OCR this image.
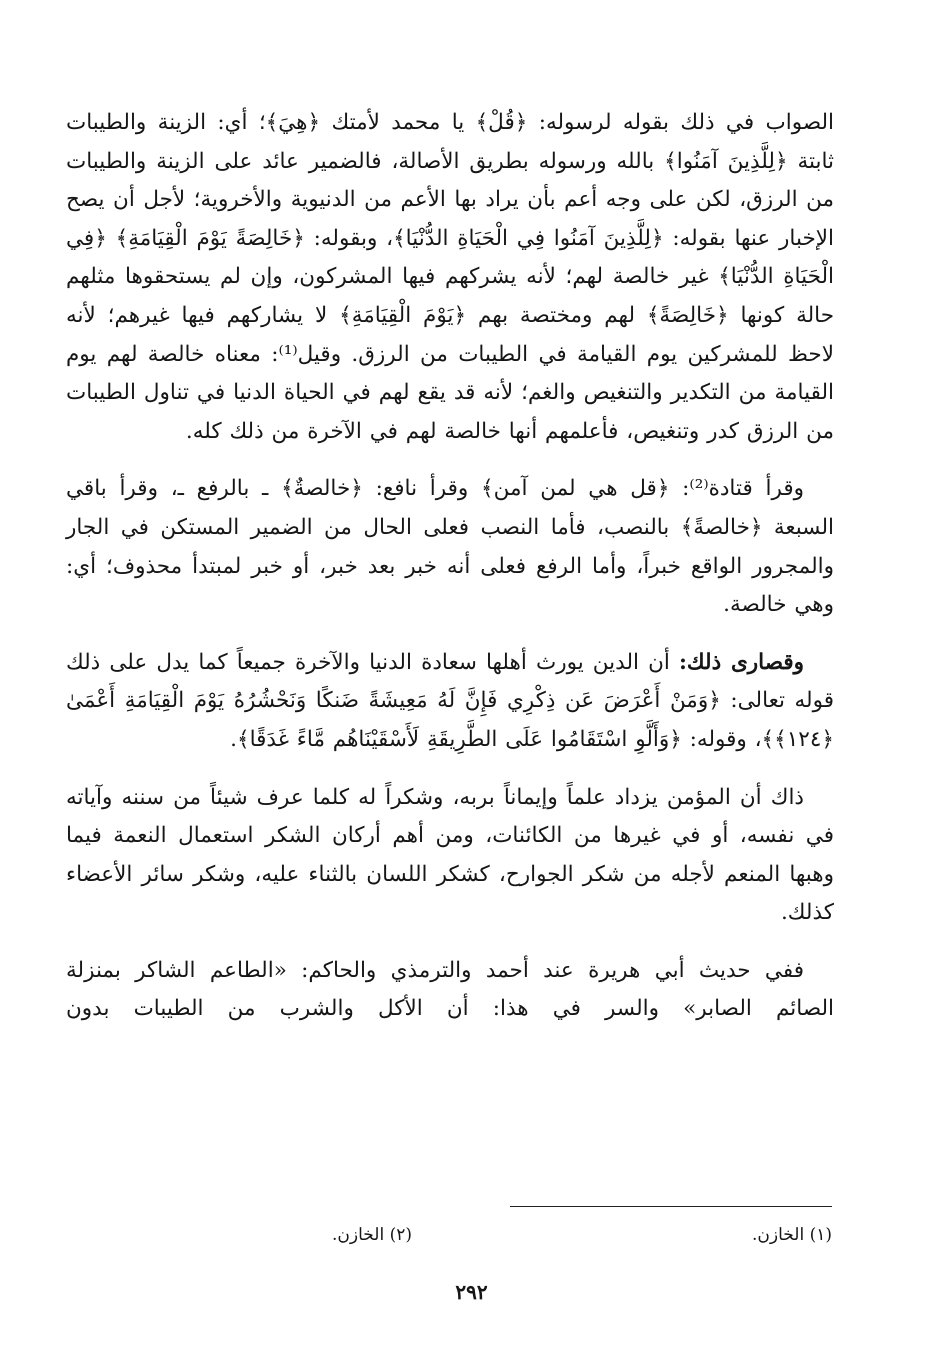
الصواب في ذلك بقوله لرسوله: ﴿قُلْ﴾ يا محمد لأمتك ﴿هِيَ﴾؛ أي: الزينة والطيبات ثابتة ﴿لِلَّذِينَ آمَنُوا﴾ بالله ورسوله بطريق الأصالة، فالضمير عائد على الزينة والطيبات من الرزق، لكن على وجه أعم بأن يراد بها الأعم من الدنيوية والأخروية؛ لأجل أن يصح الإخبار عنها بقوله: ﴿لِلَّذِينَ آمَنُوا فِي الْحَيَاةِ الدُّنْيَا﴾، وبقوله: ﴿خَالِصَةً يَوْمَ الْقِيَامَةِ﴾ ﴿فِي الْحَيَاةِ الدُّنْيَا﴾ غير خالصة لهم؛ لأنه يشركهم فيها المشركون، وإن لم يستحقوها مثلهم حالة كونها ﴿خَالِصَةً﴾ لهم ومختصة بهم ﴿يَوْمَ الْقِيَامَةِ﴾ لا يشاركهم فيها غيرهم؛ لأنه لاحظ للمشركين يوم القيامة في الطيبات من الرزق. وقيل⁽¹⁾: معناه خالصة لهم يوم القيامة من التكدير والتنغيص والغم؛ لأنه قد يقع لهم في الحياة الدنيا في تناول الطيبات من الرزق كدر وتنغيص، فأعلمهم أنها خالصة لهم في الآخرة من ذلك كله.

وقرأ قتادة⁽²⁾: ﴿قل هي لمن آمن﴾ وقرأ نافع: ﴿خالصةٌ﴾ ـ بالرفع ـ، وقرأ باقي السبعة ﴿خالصةً﴾ بالنصب، فأما النصب فعلى الحال من الضمير المستكن في الجار والمجرور الواقع خبراً، وأما الرفع فعلى أنه خبر بعد خبر، أو خبر لمبتدأ محذوف؛ أي: وهي خالصة.

وقصارى ذلك: أن الدين يورث أهلها سعادة الدنيا والآخرة جميعاً كما يدل على ذلك قوله تعالى: ﴿وَمَنْ أَعْرَضَ عَن ذِكْرِي فَإِنَّ لَهُ مَعِيشَةً ضَنكًا وَنَحْشُرُهُ يَوْمَ الْقِيَامَةِ أَعْمَىٰ ﴿١٢٤﴾﴾، وقوله: ﴿وَأَلَّوِ اسْتَقَامُوا عَلَى الطَّرِيقَةِ لَأَسْقَيْنَاهُم مَّاءً غَدَقًا﴾.

ذاك أن المؤمن يزداد علماً وإيماناً بربه، وشكراً له كلما عرف شيئاً من سننه وآياته في نفسه، أو في غيرها من الكائنات، ومن أهم أركان الشكر استعمال النعمة فيما وهبها المنعم لأجله من شكر الجوارح، كشكر اللسان بالثناء عليه، وشكر سائر الأعضاء كذلك.

ففي حديث أبي هريرة عند أحمد والترمذي والحاكم: «الطاعم الشاكر بمنزلة الصائم الصابر» والسر في هذا: أن الأكل والشرب من الطيبات بدون

(١) الخازن.(٢) الخازن.
٢٩٢
